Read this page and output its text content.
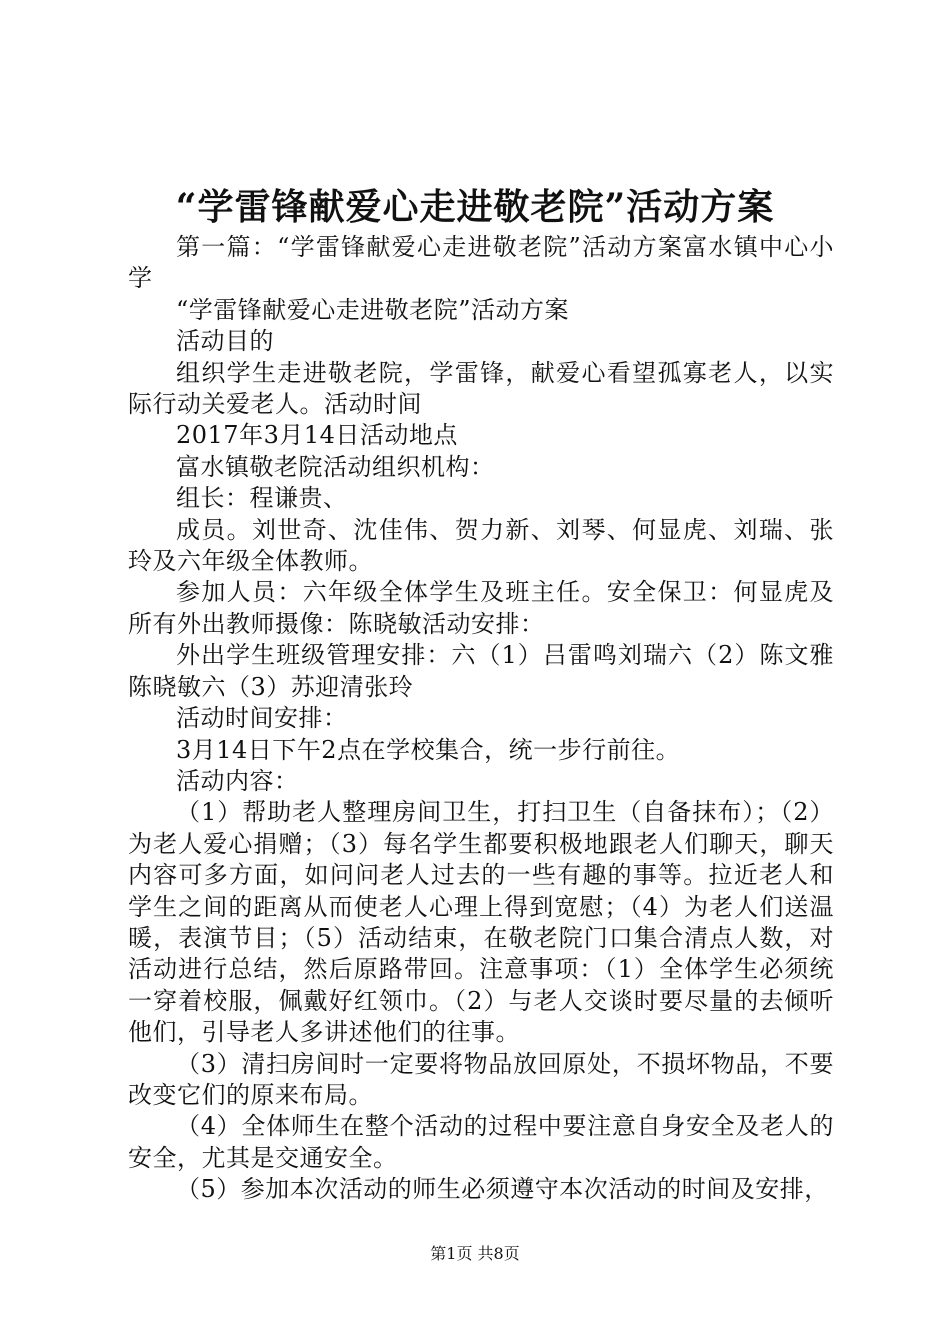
“学雷锋献爱心走进敬老院”活动方案

第一篇：“学雷锋献爱心走进敬老院”活动方案富水镇中心小学

“学雷锋献爱心走进敬老院”活动方案

活动目的

组织学生走进敬老院，学雷锋，献爱心看望孤寡老人，以实际行动关爱老人。活动时间

2017年3月14日活动地点

富水镇敬老院活动组织机构：

组长：程谦贵、

成员。刘世奇、沈佳伟、贺力新、刘琴、何显虎、刘瑞、张玲及六年级全体教师。

参加人员：六年级全体学生及班主任。安全保卫：何显虎及所有外出教师摄像：陈晓敏活动安排：

外出学生班级管理安排：六（1）吕雷鸣刘瑞六（2）陈文雅陈晓敏六（3）苏迎清张玲

活动时间安排：

3月14日下午2点在学校集合，统一步行前往。

活动内容：

（1）帮助老人整理房间卫生，打扫卫生（自备抹布）；（2）为老人爱心捐赠；（3）每名学生都要积极地跟老人们聊天，聊天内容可多方面，如问问老人过去的一些有趣的事等。拉近老人和学生之间的距离从而使老人心理上得到宽慰；（4）为老人们送温暖，表演节目；（5）活动结束，在敬老院门口集合清点人数，对活动进行总结，然后原路带回。注意事项：（1）全体学生必须统一穿着校服，佩戴好红领巾。（2）与老人交谈时要尽量的去倾听他们，引导老人多讲述他们的往事。

（3）清扫房间时一定要将物品放回原处，不损坏物品，不要改变它们的原来布局。

（4）全体师生在整个活动的过程中要注意自身安全及老人的安全，尤其是交通安全。

（5）参加本次活动的师生必须遵守本次活动的时间及安排，

第1页 共8页
